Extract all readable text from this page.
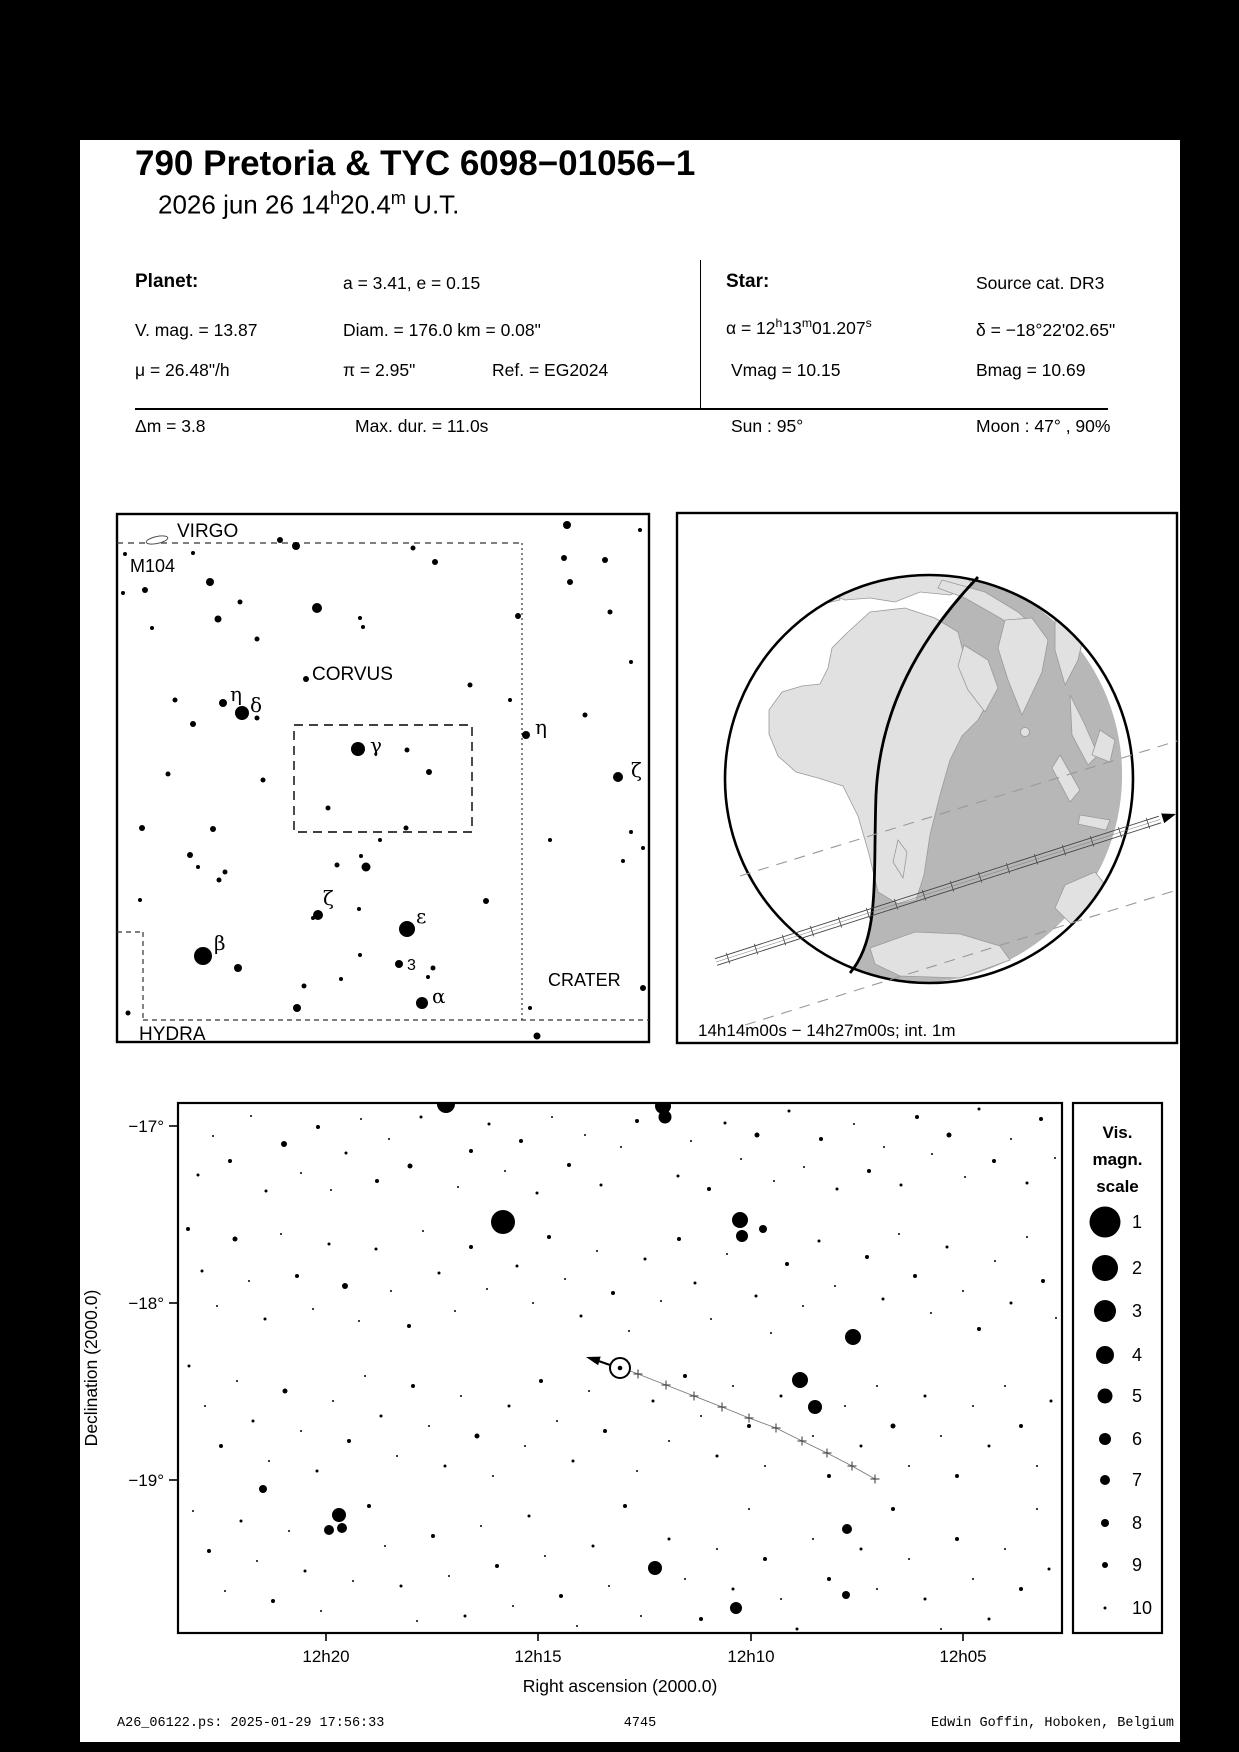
790 Pretoria & TYC 6098−01056−1
2026 jun 26 14$^h$20.4$^m$ U.T.
Planet:	a = 3.41, e = 0.15	Star:	Source cat. DR3
V. mag. = 13.87	Diam. = 176.0 km = 0.08"	$\alpha = 12^h13^m01.207^s$	δ = −18°22'02.65"
μ = 26.48"/h	π = 2.95"	Ref. = EG2024	Vmag = 10.15	Bmag = 10.69
Δm = 3.8	Max. dur. = 11.0s	Sun : 95°	Moon : 47° , 90%
VIRGO
M104
CORVUS
CRATER
HYDRA
η δ
γ
η
ζ
ζ
ε
β
3
α
12h20	12h15	12h10	12h05
−17°
−18°
−19°
Right ascension (2000.0)
Declination (2000.0)
Vis.
magn.
scale
1
2
3
4
5
6
7
8
9
10
14h14m00s − 14h27m00s; int. 1m
A26_06122.ps: 2025-01-29 17:56:33	4745	Edwin Goffin, Hoboken, Belgium
